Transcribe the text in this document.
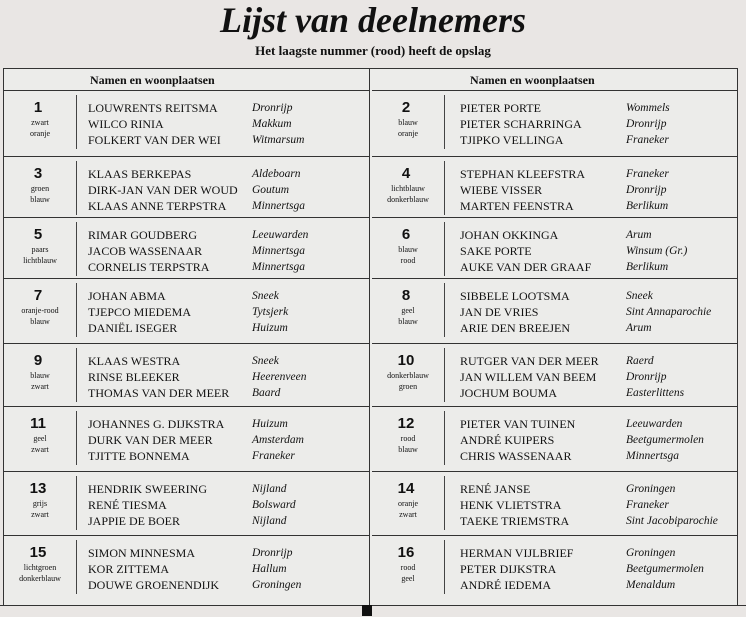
Lijst van deelnemers
Het laagste nummer (rood) heeft de opslag
Namen en woonplaatsen
1
zwart
oranje
LOUWRENTS REITSMA	Dronrijp
WILCO RINIA	Makkum
FOLKERT VAN DER WEI	Witmarsum
3
groen
blauw
KLAAS BERKEPAS	Aldeboarn
DIRK-JAN VAN DER WOUD	Goutum
KLAAS ANNE TERPSTRA	Minnertsga
5
paars
lichtblauw
RIMAR GOUDBERG	Leeuwarden
JACOB WASSENAAR	Minnertsga
CORNELIS TERPSTRA	Minnertsga
7
oranje-rood
blauw
JOHAN ABMA	Sneek
TJEPCO MIEDEMA	Tytsjerk
DANIËL ISEGER	Huizum
9
blauw
zwart
KLAAS WESTRA	Sneek
RINSE BLEEKER	Heerenveen
THOMAS VAN DER MEER	Baard
11
geel
zwart
JOHANNES G. DIJKSTRA	Huizum
DURK VAN DER MEER	Amsterdam
TJITTE BONNEMA	Franeker
13
grijs
zwart
HENDRIK SWEERING	Nijland
RENÉ TIESMA	Bolsward
JAPPIE DE BOER	Nijland
15
lichtgroen
donkerblauw
SIMON MINNESMA	Dronrijp
KOR ZITTEMA	Hallum
DOUWE GROENENDIJK	Groningen
Namen en woonplaatsen
2
blauw
oranje
PIETER PORTE	Wommels
PIETER SCHARRINGA	Dronrijp
TJIPKO VELLINGA	Franeker
4
lichtblauw
donkerblauw
STEPHAN KLEEFSTRA	Franeker
WIEBE VISSER	Dronrijp
MARTEN FEENSTRA	Berlikum
6
blauw
rood
JOHAN OKKINGA	Arum
SAKE PORTE	Winsum (Gr.)
AUKE VAN DER GRAAF	Berlikum
8
geel
blauw
SIBBELE LOOTSMA	Sneek
JAN DE VRIES	Sint Annaparochie
ARIE DEN BREEJEN	Arum
10
donkerblauw
groen
RUTGER VAN DER MEER	Raerd
JAN WILLEM VAN BEEM	Dronrijp
JOCHUM BOUMA	Easterlittens
12
rood
blauw
PIETER VAN TUINEN	Leeuwarden
ANDRÉ KUIPERS	Beetgumermolen
CHRIS WASSENAAR	Minnertsga
14
oranje
zwart
RENÉ JANSE	Groningen
HENK VLIETSTRA	Franeker
TAEKE TRIEMSTRA	Sint Jacobiparochie
16
rood
geel
HERMAN VIJLBRIEF	Groningen
PETER DIJKSTRA	Beetgumermolen
ANDRÉ IEDEMA	Menaldum
